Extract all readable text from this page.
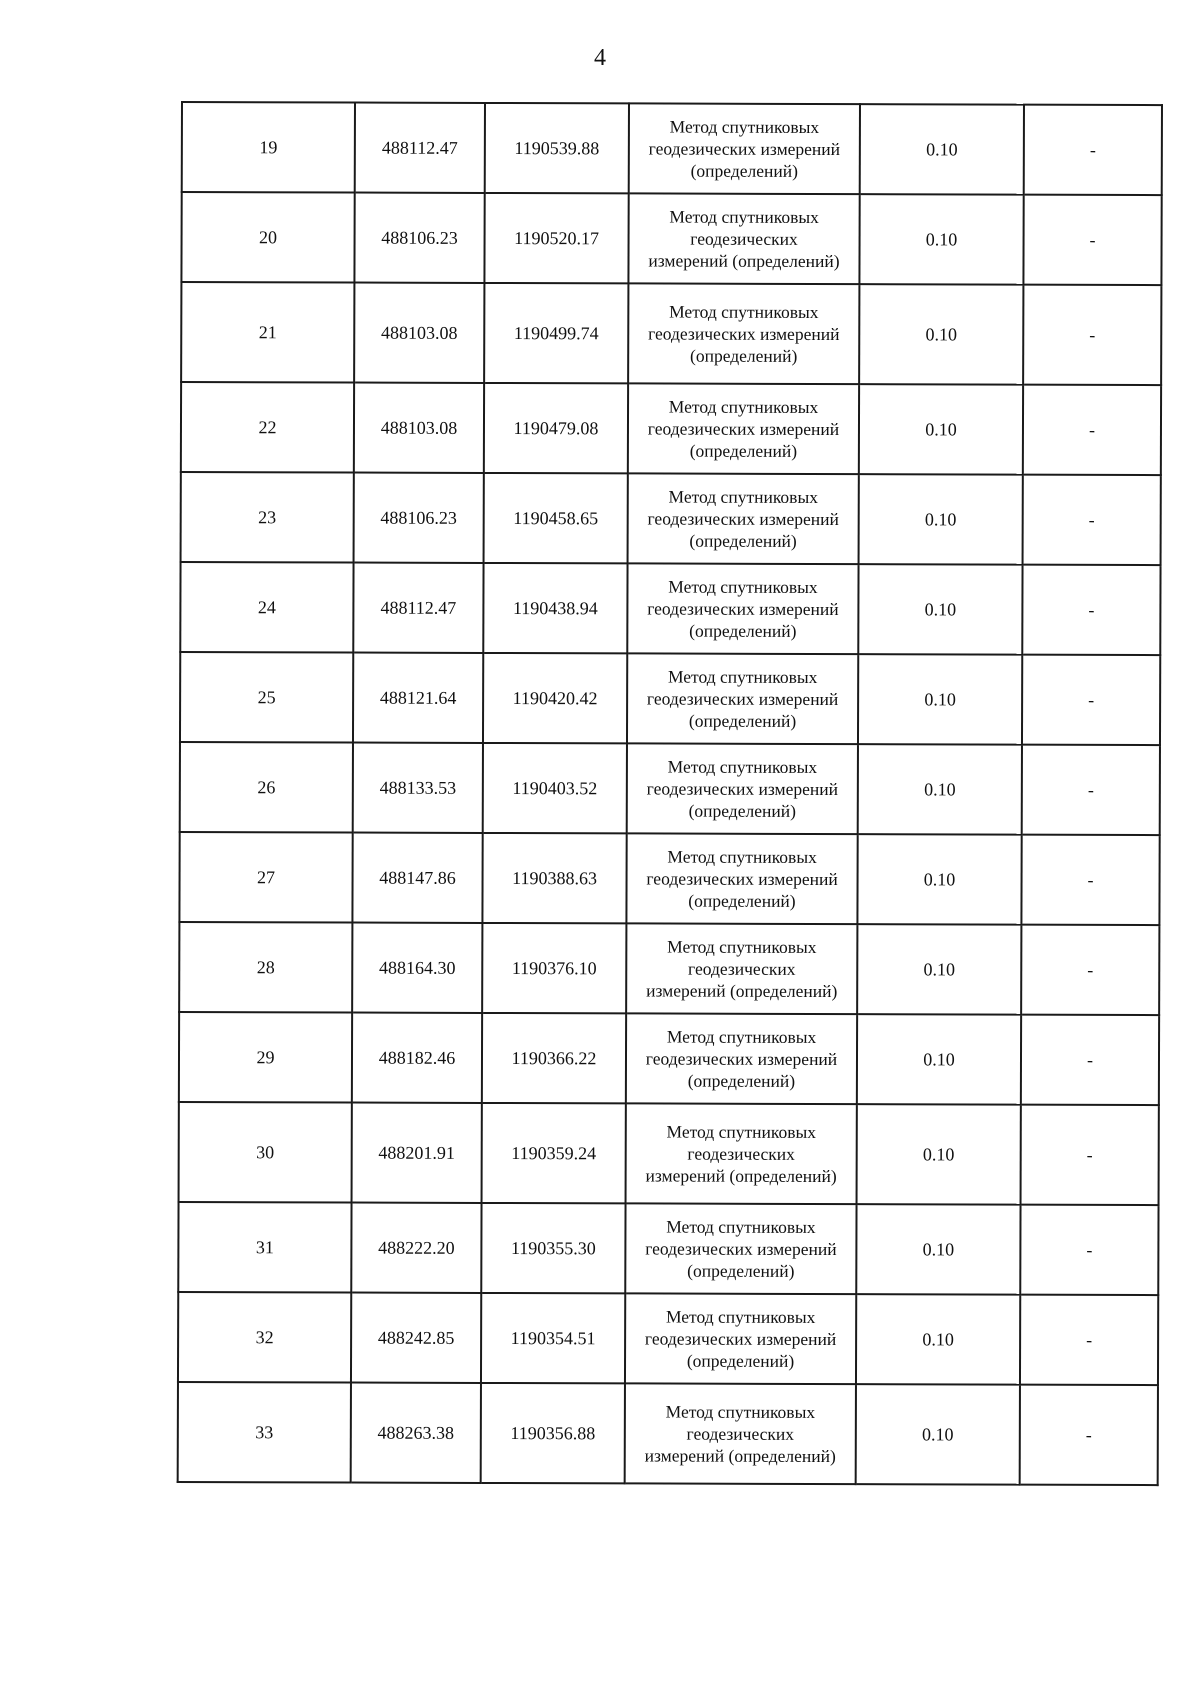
4
19	488112.47	1190539.88	Метод спутниковых
геодезических измерений
(определений)	0.10	-
20	488106.23	1190520.17	Метод спутниковых
геодезических
измерений (определений)	0.10	-
21	488103.08	1190499.74	Метод спутниковых
геодезических измерений
(определений)	0.10	-
22	488103.08	1190479.08	Метод спутниковых
геодезических измерений
(определений)	0.10	-
23	488106.23	1190458.65	Метод спутниковых
геодезических измерений
(определений)	0.10	-
24	488112.47	1190438.94	Метод спутниковых
геодезических измерений
(определений)	0.10	-
25	488121.64	1190420.42	Метод спутниковых
геодезических измерений
(определений)	0.10	-
26	488133.53	1190403.52	Метод спутниковых
геодезических измерений
(определений)	0.10	-
27	488147.86	1190388.63	Метод спутниковых
геодезических измерений
(определений)	0.10	-
28	488164.30	1190376.10	Метод спутниковых
геодезических
измерений (определений)	0.10	-
29	488182.46	1190366.22	Метод спутниковых
геодезических измерений
(определений)	0.10	-
30	488201.91	1190359.24	Метод спутниковых
геодезических
измерений (определений)	0.10	-
31	488222.20	1190355.30	Метод спутниковых
геодезических измерений
(определений)	0.10	-
32	488242.85	1190354.51	Метод спутниковых
геодезических измерений
(определений)	0.10	-
33	488263.38	1190356.88	Метод спутниковых
геодезических
измерений (определений)	0.10	-
